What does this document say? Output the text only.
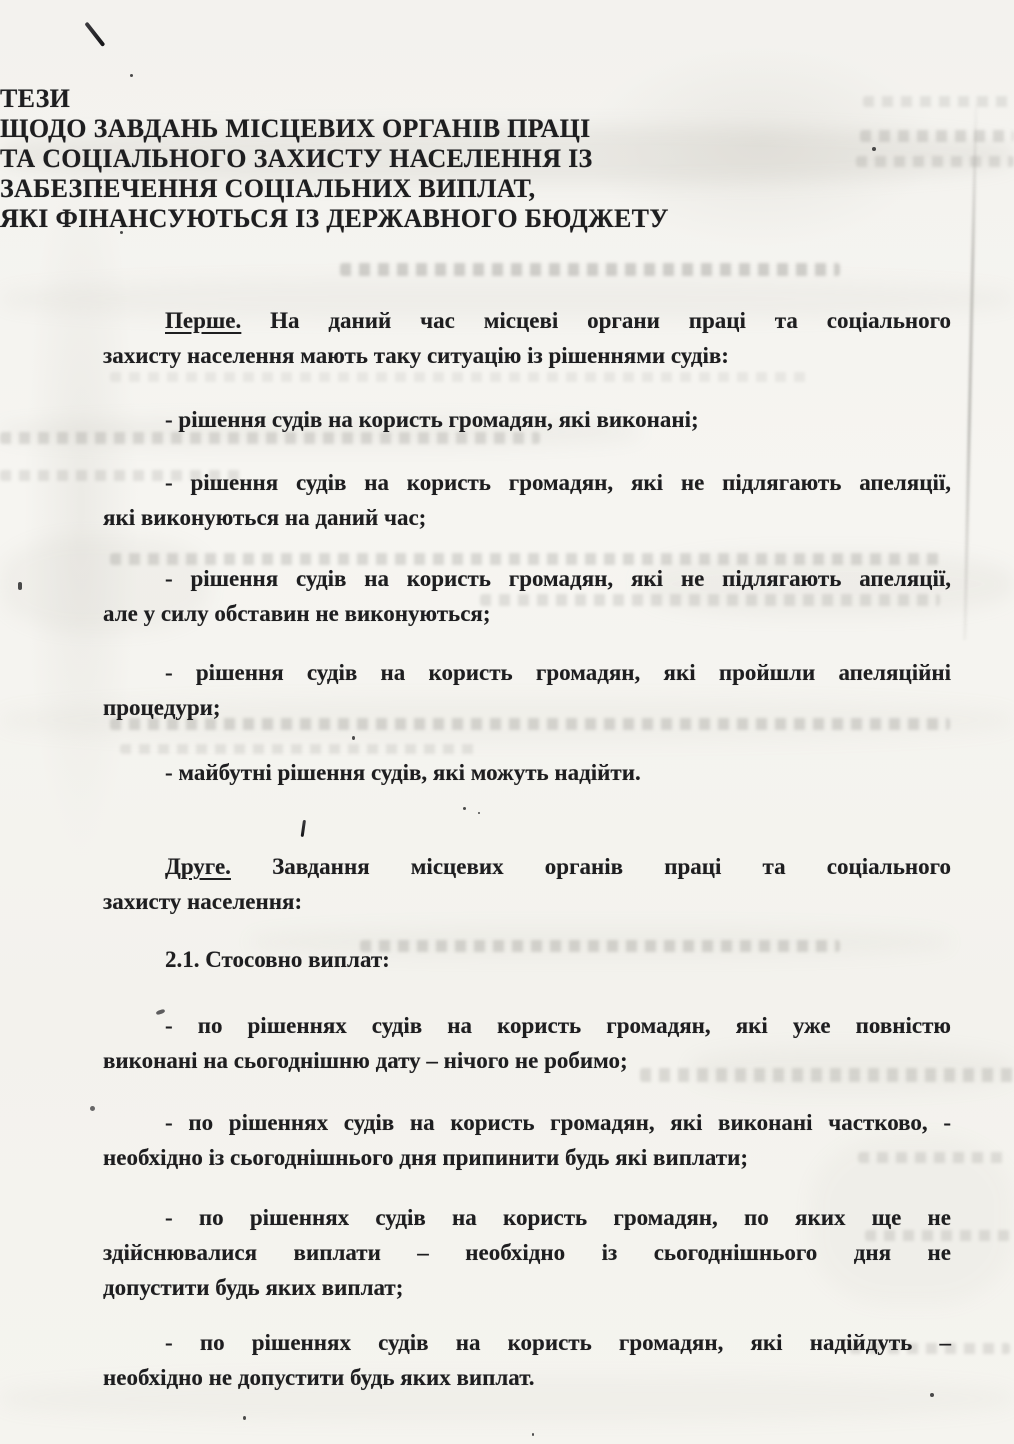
ТЕЗИ
ЩОДО ЗАВДАНЬ МІСЦЕВИХ ОРГАНІВ ПРАЦІ
ТА СОЦІАЛЬНОГО ЗАХИСТУ НАСЕЛЕННЯ ІЗ
ЗАБЕЗПЕЧЕННЯ СОЦІАЛЬНИХ ВИПЛАТ,
ЯКІ ФІНАНСУЮТЬСЯ ІЗ ДЕРЖАВНОГО БЮДЖЕТУ
Перше. На даний час місцеві органи праці та соціального
захисту населення мають таку ситуацію із рішеннями судів:
- рішення судів на користь громадян, які виконані;
- рішення судів на користь громадян, які не підлягають апеляції,
які виконуються на даний час;
- рішення судів на користь громадян, які не підлягають апеляції,
але у силу обставин не виконуються;
- рішення судів на користь громадян, які пройшли апеляційні
процедури;
- майбутні рішення судів, які можуть надійти.
Друге. Завдання місцевих органів праці та соціального
захисту населення:
2.1. Стосовно виплат:
- по рішеннях судів на користь громадян, які уже повністю
виконані на сьогоднішню дату – нічого не робимо;
- по рішеннях судів на користь громадян, які виконані частково, -
необхідно із сьогоднішнього дня припинити будь які виплати;
- по рішеннях судів на користь громадян, по яких ще не
здійснювалися виплати – необхідно із сьогоднішнього дня не
допустити будь яких виплат;
- по рішеннях судів на користь громадян, які надійдуть –
необхідно не допустити будь яких виплат.
